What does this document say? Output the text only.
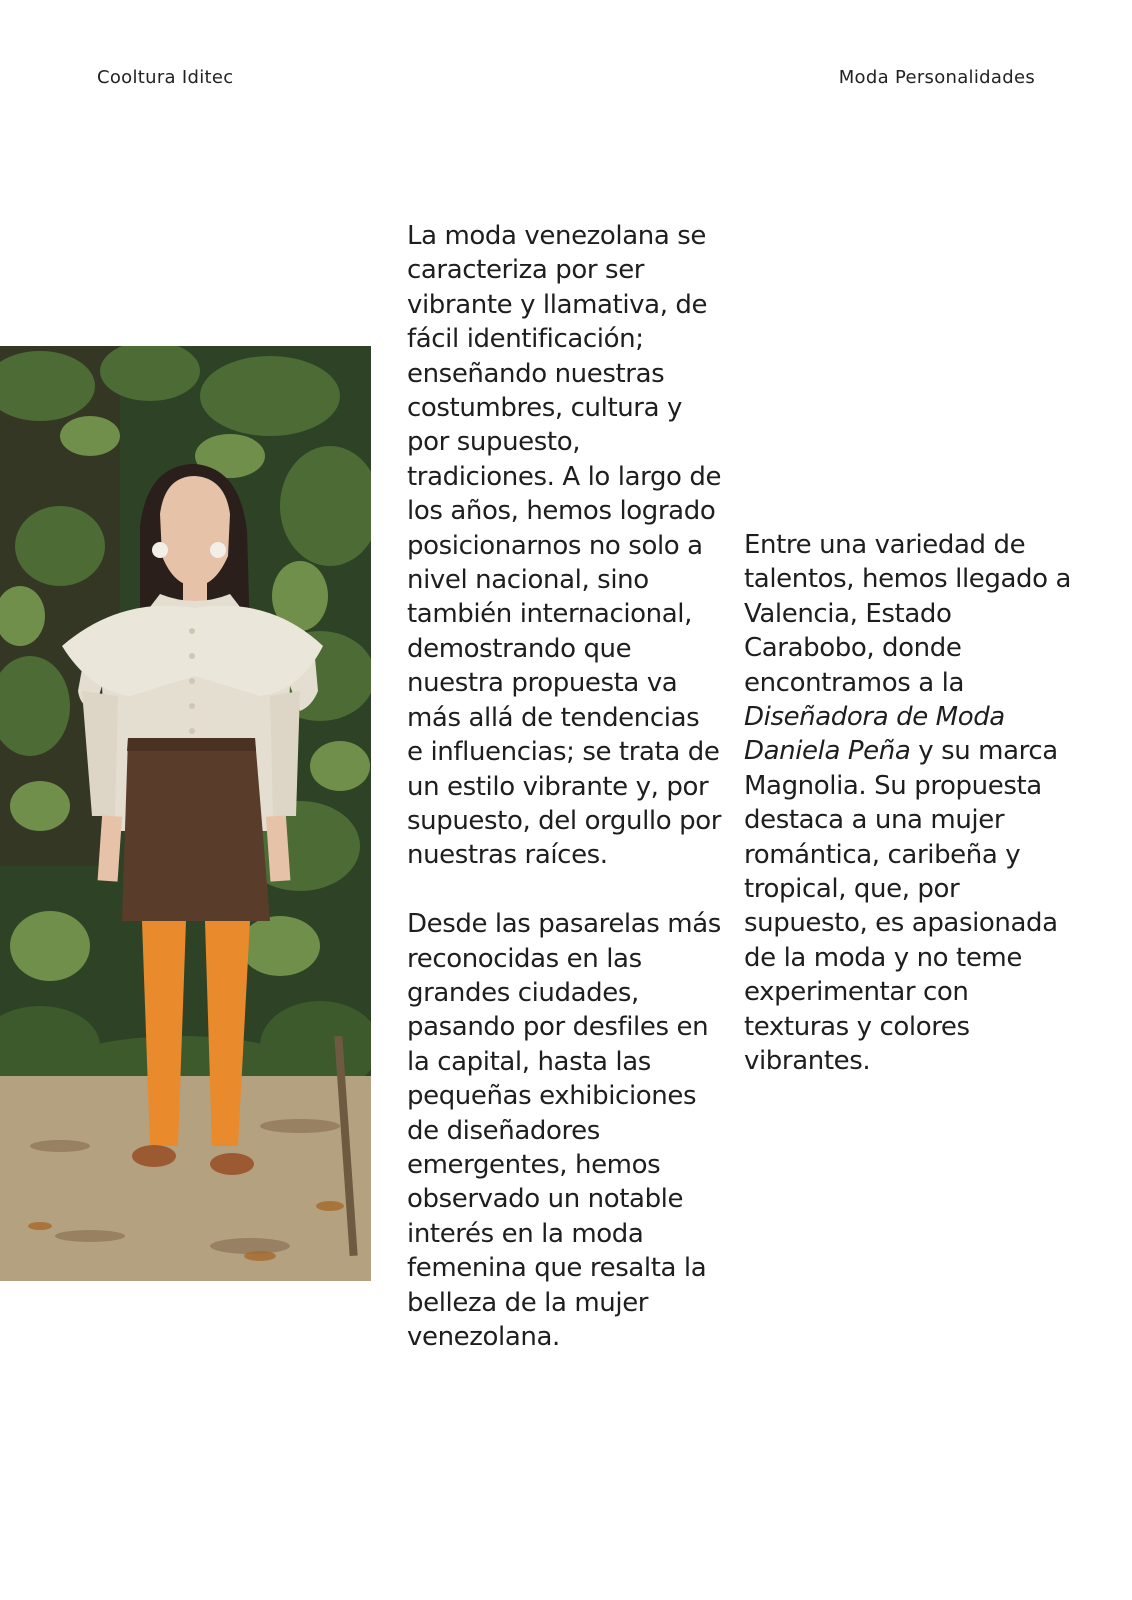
Cooltura Iditec	Moda Personalidades

La moda venezolana se caracteriza por ser vibrante y llamativa, de fácil identificación; enseñando nuestras costumbres, cultura y por supuesto, tradiciones. A lo largo de los años, hemos logrado posicionarnos no solo a nivel nacional, sino también internacional, demostrando que nuestra propuesta va más allá de tendencias e influencias; se trata de un estilo vibrante y, por supuesto, del orgullo por nuestras raíces.

Desde las pasarelas más reconocidas en las grandes ciudades, pasando por desfiles en la capital, hasta las pequeñas exhibiciones de diseñadores emergentes, hemos observado un notable interés en la moda femenina que resalta la belleza de la mujer venezolana.

Entre una variedad de talentos, hemos llegado a Valencia, Estado Carabobo, donde encontramos a la Diseñadora de Moda Daniela Peña y su marca Magnolia. Su propuesta destaca a una mujer romántica, caribeña y tropical, que, por supuesto, es apasionada de la moda y no teme experimentar con texturas y colores vibrantes.
